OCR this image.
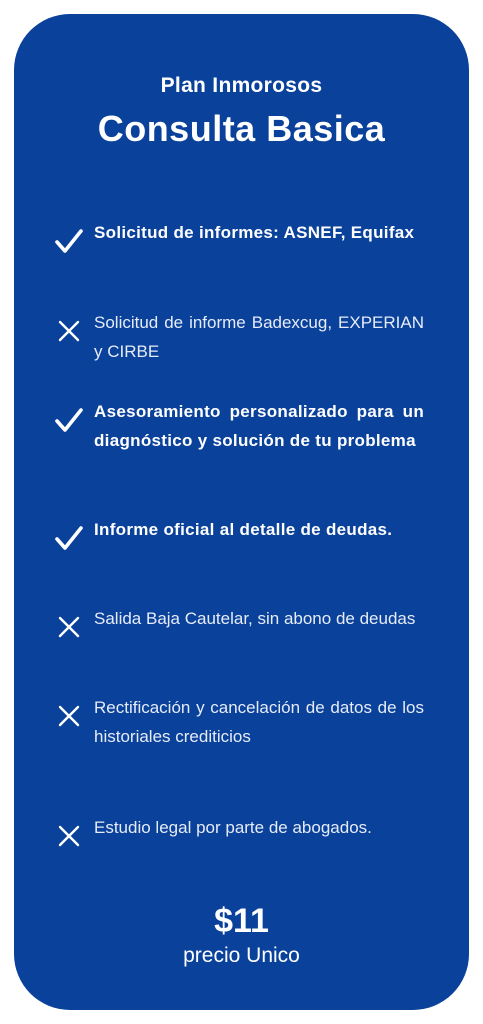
Plan Inmorosos
Consulta Basica
Solicitud de informes: ASNEF, Equifax
Solicitud de informe Badexcug, EXPERIAN y CIRBE
Asesoramiento personalizado para un diagnóstico y solución de tu problema
Informe oficial al detalle de deudas.
Salida Baja Cautelar, sin abono de deudas
Rectificación y cancelación de datos de los historiales crediticios
Estudio legal por parte de abogados.
$11
precio Unico
